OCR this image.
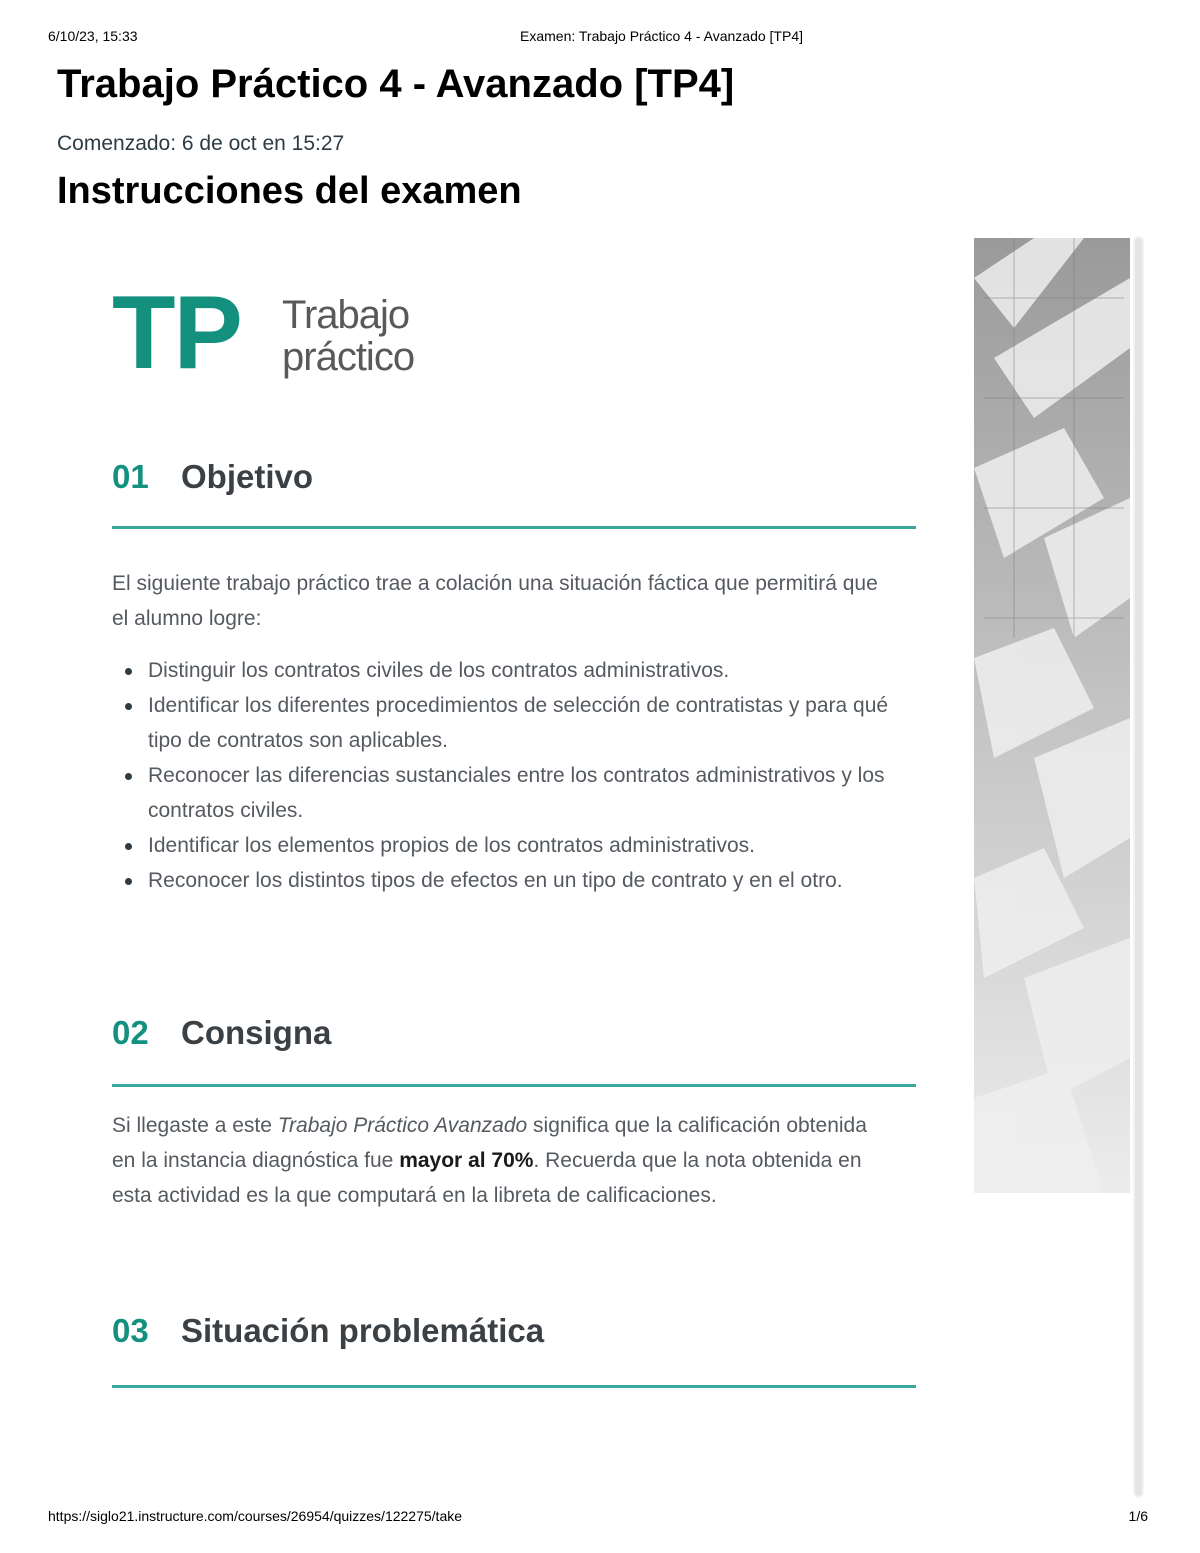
6/10/23, 15:33	Examen: Trabajo Práctico 4 - Avanzado [TP4]
Trabajo Práctico 4 - Avanzado [TP4]
Comenzado: 6 de oct en 15:27
Instrucciones del examen
TP Trabajo
práctico
01 Objetivo

El siguiente trabajo práctico trae a colación una situación fáctica que permitirá que el alumno logre:

Distinguir los contratos civiles de los contratos administrativos.
Identificar los diferentes procedimientos de selección de contratistas y para qué tipo de contratos son aplicables.
Reconocer las diferencias sustanciales entre los contratos administrativos y los contratos civiles.
Identificar los elementos propios de los contratos administrativos.
Reconocer los distintos tipos de efectos en un tipo de contrato y en el otro.
02 Consigna

Si llegaste a este Trabajo Práctico Avanzado significa que la calificación obtenida en la instancia diagnóstica fue mayor al 70%. Recuerda que la nota obtenida en esta actividad es la que computará en la libreta de calificaciones.

03 Situación problemática
https://siglo21.instructure.com/courses/26954/quizzes/122275/take	1/6
